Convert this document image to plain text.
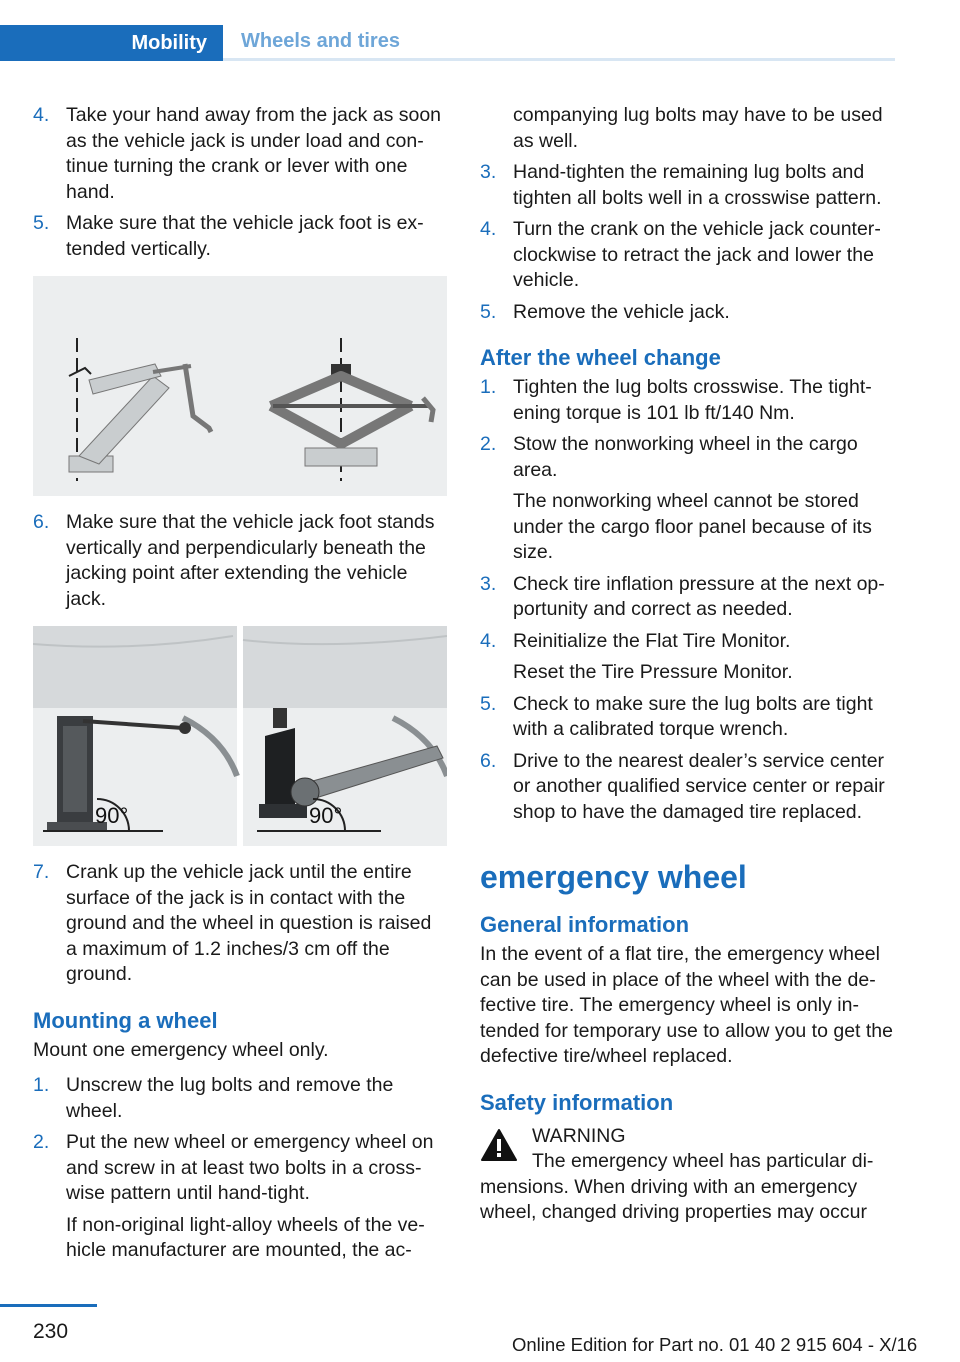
Mobility	Wheels and tires
4. Take your hand away from the jack as soon as the vehicle jack is under load and continue turning the crank or lever with one hand.
5. Make sure that the vehicle jack foot is extended vertically.
6. Make sure that the vehicle jack foot stands vertically and perpendicularly beneath the jacking point after extending the vehicle jack.
90°	90°
7. Crank up the vehicle jack until the entire surface of the jack is in contact with the ground and the wheel in question is raised a maximum of 1.2 inches/3 cm off the ground.
Mounting a wheel
Mount one emergency wheel only.
1. Unscrew the lug bolts and remove the wheel.
2. Put the new wheel or emergency wheel on and screw in at least two bolts in a crosswise pattern until hand-tight.
If non-original light-alloy wheels of the vehicle manufacturer are mounted, the ac-
companying lug bolts may have to be used as well.
3. Hand-tighten the remaining lug bolts and tighten all bolts well in a crosswise pattern.
4. Turn the crank on the vehicle jack counterclockwise to retract the jack and lower the vehicle.
5. Remove the vehicle jack.
After the wheel change
1. Tighten the lug bolts crosswise. The tightening torque is 101 lb ft/140 Nm.
2. Stow the nonworking wheel in the cargo area.
The nonworking wheel cannot be stored under the cargo floor panel because of its size.
3. Check tire inflation pressure at the next opportunity and correct as needed.
4. Reinitialize the Flat Tire Monitor.
Reset the Tire Pressure Monitor.
5. Check to make sure the lug bolts are tight with a calibrated torque wrench.
6. Drive to the nearest dealer’s service center or another qualified service center or repair shop to have the damaged tire replaced.
emergency wheel
General information
In the event of a flat tire, the emergency wheel can be used in place of the wheel with the defective tire. The emergency wheel is only intended for temporary use to allow you to get the defective tire/wheel replaced.
Safety information
WARNING
The emergency wheel has particular di-
mensions. When driving with an emergency wheel, changed driving properties may occur
230
Online Edition for Part no. 01 40 2 915 604 - X/16
